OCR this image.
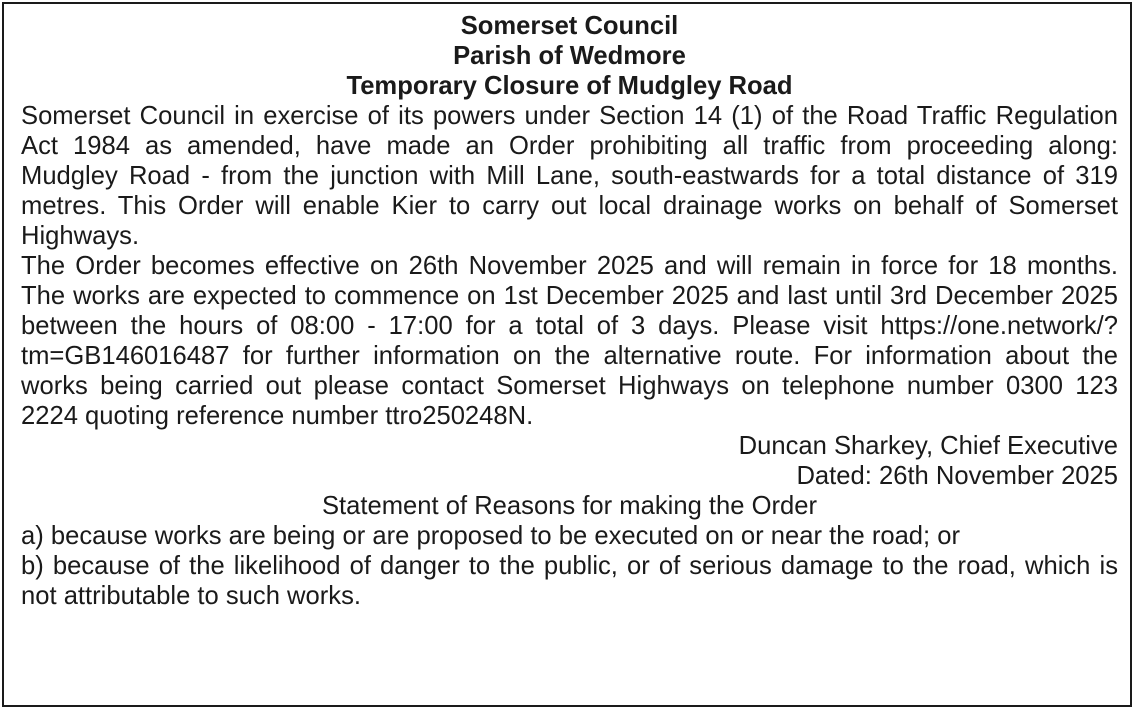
Somerset Council

Parish of Wedmore

Temporary Closure of Mudgley Road

Somerset Council in exercise of its powers under Section 14 (1) of the Road Traffic Regulation Act 1984 as amended, have made an Order prohibiting all traffic from proceeding along: Mudgley Road - from the junction with Mill Lane, south-eastwards for a total distance of 319 metres. This Order will enable Kier to carry out local drainage works on behalf of Somerset Highways.

The Order becomes effective on 26th November 2025 and will remain in force for 18 months. The works are expected to commence on 1st December 2025 and last until 3rd December 2025 between the hours of 08:00 - 17:00 for a total of 3 days. Please visit https://one.network/?tm=GB146016487 for further information on the alternative route. For information about the works being carried out please contact Somerset Highways on telephone number 0300 123 2224 quoting reference number ttro250248N.

Duncan Sharkey, Chief Executive

Dated: 26th November 2025

Statement of Reasons for making the Order

a) because works are being or are proposed to be executed on or near the road; or

b) because of the likelihood of danger to the public, or of serious damage to the road, which is not attributable to such works.
